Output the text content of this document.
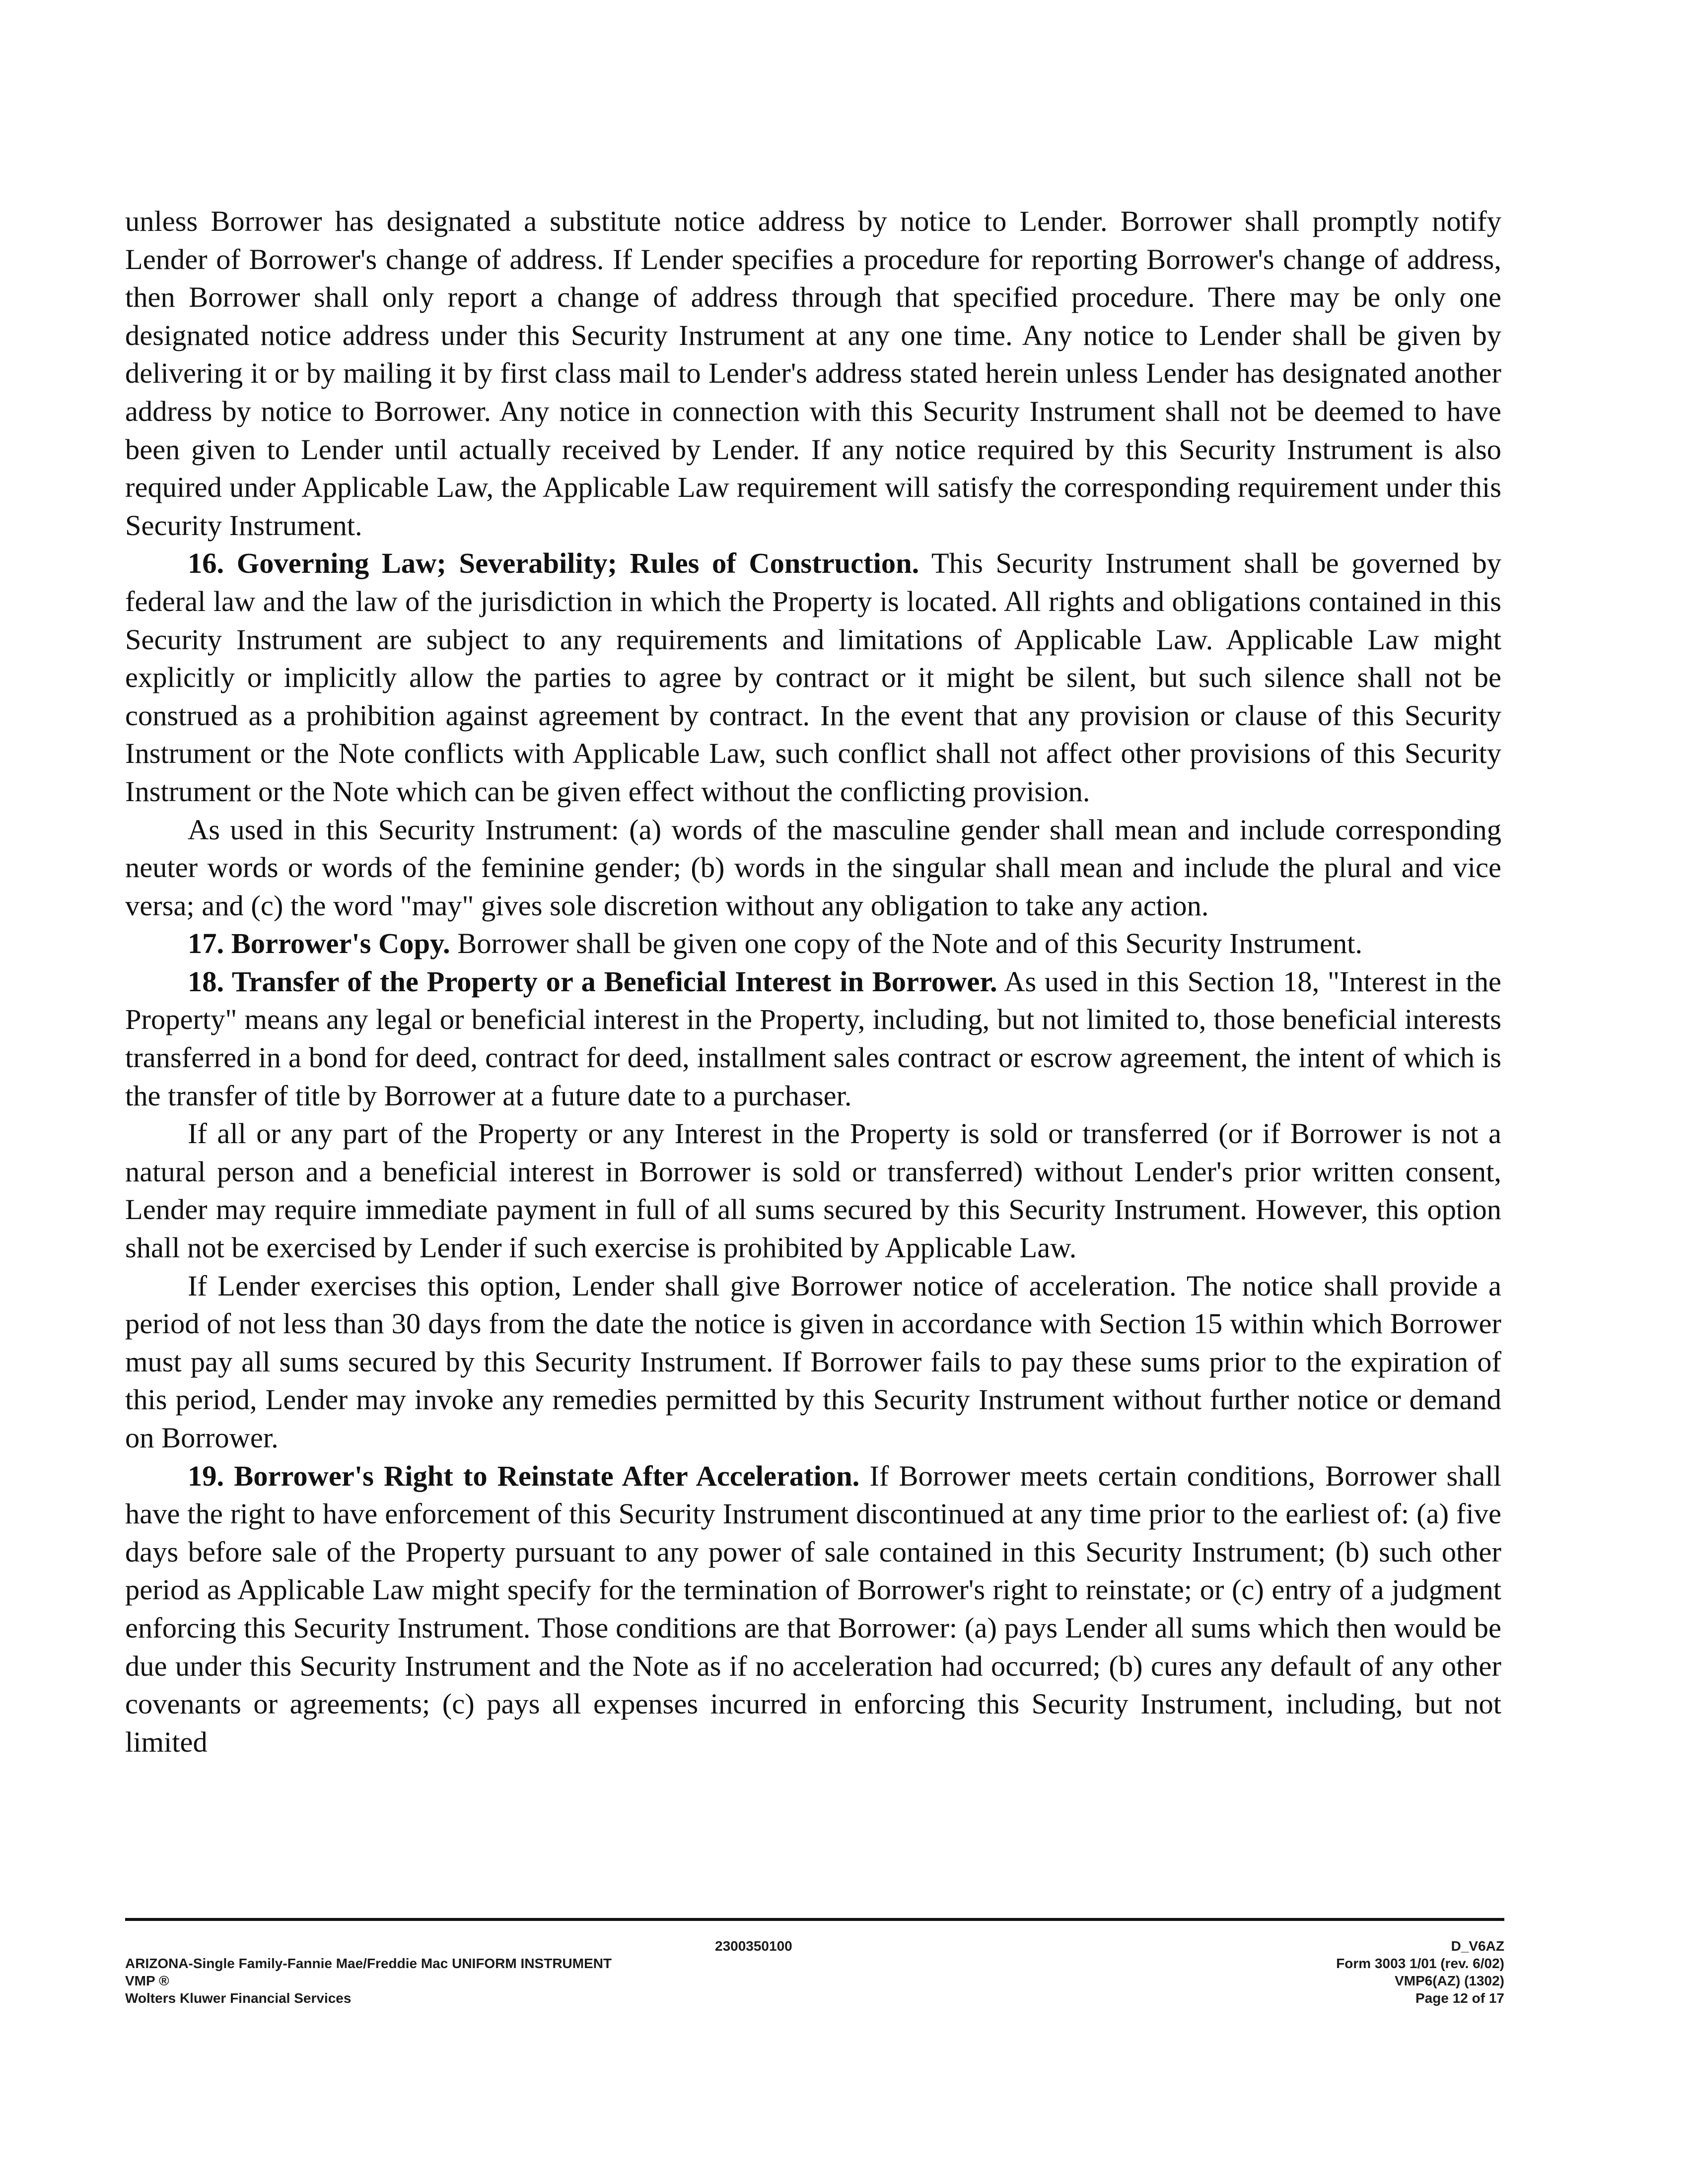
unless Borrower has designated a substitute notice address by notice to Lender. Borrower shall promptly notify Lender of Borrower's change of address. If Lender specifies a procedure for reporting Borrower's change of address, then Borrower shall only report a change of address through that specified procedure. There may be only one designated notice address under this Security Instrument at any one time. Any notice to Lender shall be given by delivering it or by mailing it by first class mail to Lender's address stated herein unless Lender has designated another address by notice to Borrower. Any notice in connection with this Security Instrument shall not be deemed to have been given to Lender until actually received by Lender. If any notice required by this Security Instrument is also required under Applicable Law, the Applicable Law requirement will satisfy the corresponding requirement under this Security Instrument.

16. Governing Law; Severability; Rules of Construction. This Security Instrument shall be governed by federal law and the law of the jurisdiction in which the Property is located. All rights and obligations contained in this Security Instrument are subject to any requirements and limitations of Applicable Law. Applicable Law might explicitly or implicitly allow the parties to agree by contract or it might be silent, but such silence shall not be construed as a prohibition against agreement by contract. In the event that any provision or clause of this Security Instrument or the Note conflicts with Applicable Law, such conflict shall not affect other provisions of this Security Instrument or the Note which can be given effect without the conflicting provision.

As used in this Security Instrument: (a) words of the masculine gender shall mean and include corresponding neuter words or words of the feminine gender; (b) words in the singular shall mean and include the plural and vice versa; and (c) the word "may" gives sole discretion without any obligation to take any action.

17. Borrower's Copy. Borrower shall be given one copy of the Note and of this Security Instrument.

18. Transfer of the Property or a Beneficial Interest in Borrower. As used in this Section 18, "Interest in the Property" means any legal or beneficial interest in the Property, including, but not limited to, those beneficial interests transferred in a bond for deed, contract for deed, installment sales contract or escrow agreement, the intent of which is the transfer of title by Borrower at a future date to a purchaser.

If all or any part of the Property or any Interest in the Property is sold or transferred (or if Borrower is not a natural person and a beneficial interest in Borrower is sold or transferred) without Lender's prior written consent, Lender may require immediate payment in full of all sums secured by this Security Instrument. However, this option shall not be exercised by Lender if such exercise is prohibited by Applicable Law.

If Lender exercises this option, Lender shall give Borrower notice of acceleration. The notice shall provide a period of not less than 30 days from the date the notice is given in accordance with Section 15 within which Borrower must pay all sums secured by this Security Instrument. If Borrower fails to pay these sums prior to the expiration of this period, Lender may invoke any remedies permitted by this Security Instrument without further notice or demand on Borrower.

19. Borrower's Right to Reinstate After Acceleration. If Borrower meets certain conditions, Borrower shall have the right to have enforcement of this Security Instrument discontinued at any time prior to the earliest of: (a) five days before sale of the Property pursuant to any power of sale contained in this Security Instrument; (b) such other period as Applicable Law might specify for the termination of Borrower's right to reinstate; or (c) entry of a judgment enforcing this Security Instrument. Those conditions are that Borrower: (a) pays Lender all sums which then would be due under this Security Instrument and the Note as if no acceleration had occurred; (b) cures any default of any other covenants or agreements; (c) pays all expenses incurred in enforcing this Security Instrument, including, but not limited

2300350100

ARIZONA-Single Family-Fannie Mae/Freddie Mac UNIFORM INSTRUMENT
VMP ®
Wolters Kluwer Financial Services
D_V6AZ
Form 3003 1/01 (rev. 6/02)
VMP6(AZ) (1302)
Page 12 of 17
